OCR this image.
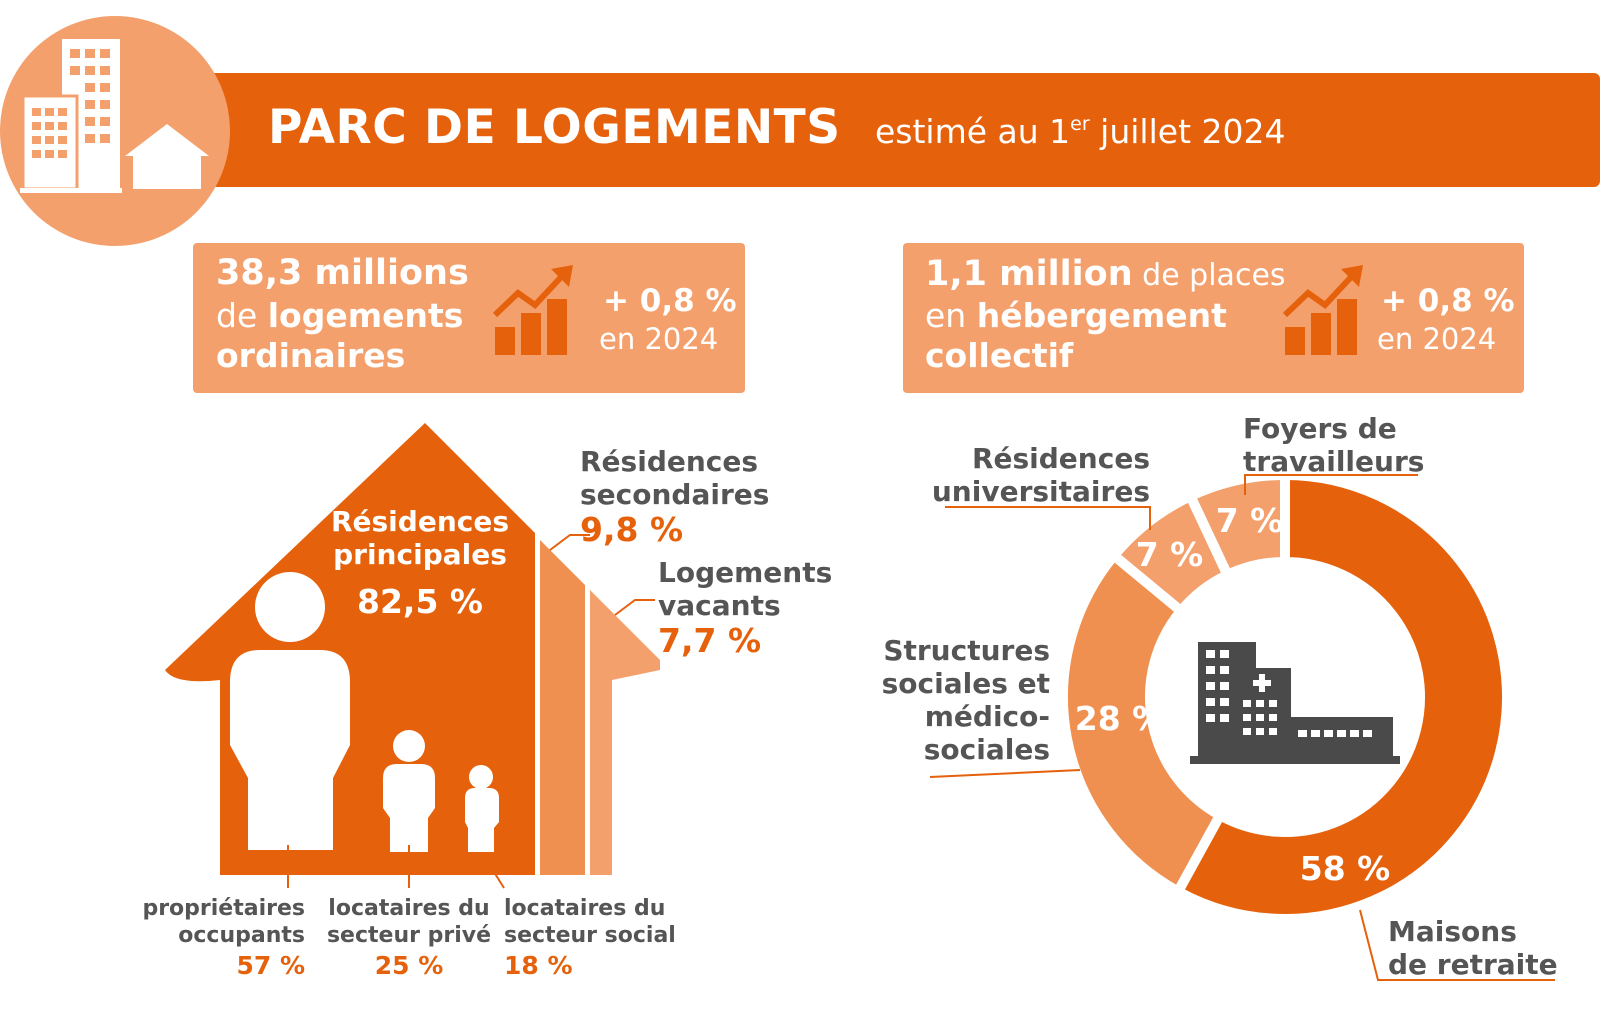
PARC DE LOGEMENTS estimé au 1er juillet 2024
38,3 millions
de logements
ordinaires
+ 0,8 %
en 2024
1,1 million de places
en hébergement
collectif
+ 0,8 %
en 2024
Résidences
principales
82,5 %
Résidences
secondaires
9,8 %
Logements
vacants
7,7 %
propriétaires
occupants
57 %
locataires du
secteur privé
25 %
locataires du
secteur social
18 %
58 %
28 %
7 %
7 %
Maisons
de retraite
Structures
sociales et
médico-
sociales
Résidences
universitaires
Foyers de
travailleurs
